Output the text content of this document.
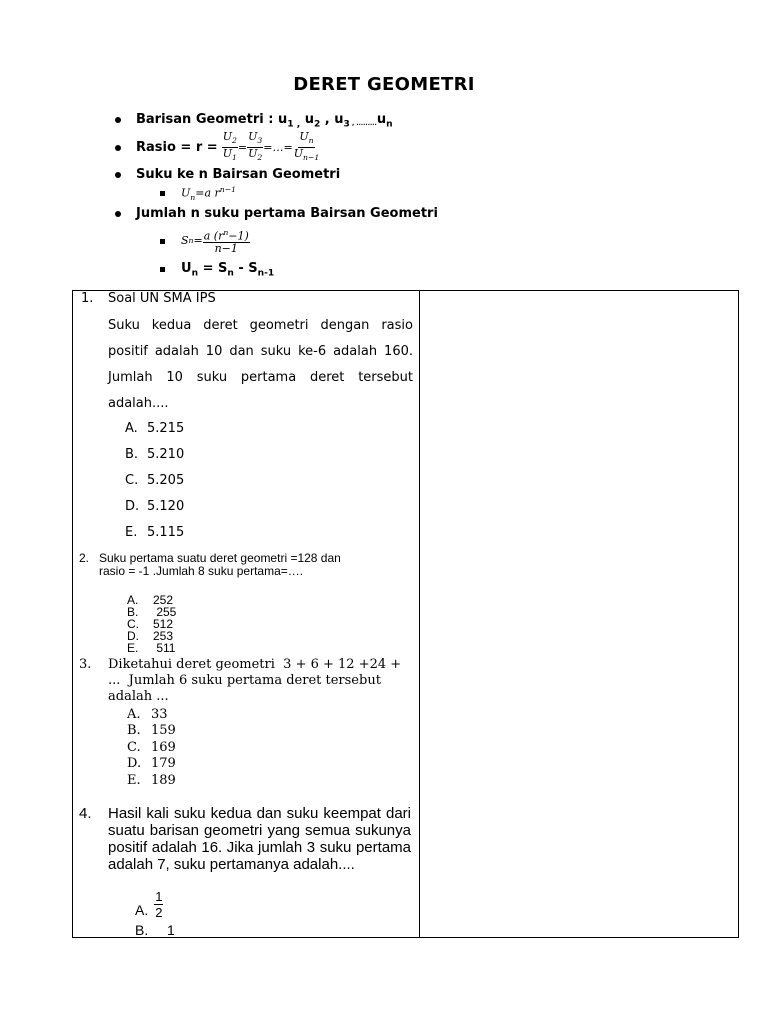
DERET GEOMETRI
Barisan Geometri : $u_{1 ,}$ $u_2$ , $u_3$ , $.........u_n$
Rasio = $r = \frac{U_2}{U_1} = \frac{U_3}{U_2}$ =…= $\frac{U_n}{U_{n-1}}$
Suku ke n Bairsan Geometri
$U_n=a$ $r^{n-1}$
Jumlah n suku pertama Bairsan Geometri
S $n = \frac{a (r^n-1)}{n-1}$
$U_n = S_n - S_{n-1}$
1. Soal UN SMA IPS
Suku kedua deret geometri dengan rasio positif adalah 10 dan suku ke-6 adalah 160. Jumlah 10 suku pertama deret tersebut adalah....
A. 5.215
B. 5.210
C. 5.205
D. 5.120
E. 5.115
2. Suku pertama suatu deret geometri =128 dan
rasio = -1 .Jumlah 8 suku pertama=….
A. 252
B. 255
C. 512
D. 253
E. 511
3. Diketahui deret geometri  3 + 6 + 12 +24 +
...  Jumlah 6 suku pertama deret tersebut
adalah ...
A. 33
B. 159
C. 169
D. 179
E. 189
4. Hasil kali suku kedua dan suku keempat dari suatu barisan geometri yang semua sukunya positif adalah 16. Jika jumlah 3 suku pertama adalah 7, suku pertamanya adalah....
A. $\frac{1}{2}$
B. 1
